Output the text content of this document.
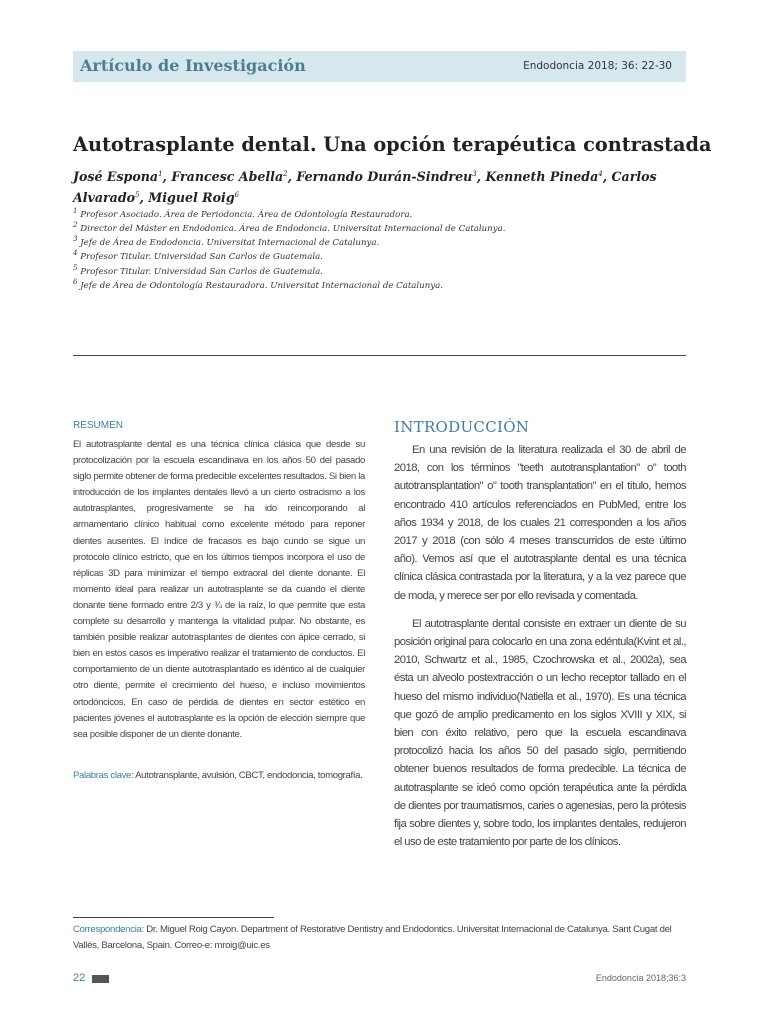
Artículo de Investigación	Endodoncia 2018; 36: 22-30
Autotrasplante dental. Una opción terapéutica contrastada
José Espona$^1$, Francesc Abella$^2$, Fernando Durán-Sindreu$^3$, Kenneth Pineda$^4$, Carlos Alvarado$^5$, Miguel Roig$^6$
$^1$ Profesor Asociado. Área de Periodoncia. Área de Odontología Restauradora.
$^2$ Director del Máster en Endodonica. Área de Endodoncia. Universitat Internacional de Catalunya.
$^3$ Jefe de Área de Endodoncia. Universitat Internacional de Catalunya.
$^4$ Profesor Titular. Universidad San Carlos de Guatemala.
$^5$ Profesor Titular. Universidad San Carlos de Guatemala.
$^6$ Jefe de Área de Odontología Restauradora. Universitat Internacional de Catalunya.
RESUMEN
El autotrasplante dental es una técnica clínica clásica que desde su protocolización por la escuela escandinava en los años 50 del pasado siglo permite obtener de forma predecible excelentes resultados. Si bien la introducción de los implantes dentales llevó a un cierto ostracismo a los autotrasplantes, progresivamente se ha ido reincorporando al armamentario clínico habitual como excelente método para reponer dientes ausentes. El índice de fracasos es bajo cundo se sigue un protocolo clínico estricto, que en los últimos tiempos incorpora el uso de réplicas 3D para minimizar el tiempo extraoral del diente donante. El momento ideal para realizar un autotrasplante se da cuando el diente donante tiene formado entre 2/3 y ¾ de la raíz, lo que permite que esta complete su desarrollo y mantenga la vitalidad pulpar. No obstante, es también posible realizar autotrasplantes de dientes con ápice cerrado, si bien en estos casos es imperativo realizar el tratamiento de conductos. El comportamiento de un diente autotrasplantado es idéntico al de cualquier otro diente, permite el crecimiento del hueso, e incluso movimientos ortodóncicos. En caso de pérdida de dientes en sector estético en pacientes jóvenes el autotrasplante es la opción de elección siempre que sea posible disponer de un diente donante.
Palabras clave: Autotransplante, avulsión, CBCT, endodoncia, tomografía.
INTRODUCCIÓN

En una revisión de la literatura realizada el 30 de abril de 2018, con los términos "teeth autotransplantation" o" tooth autotransplantation" o" tooth transplantation" en el título, hemos encontrado 410 artículos referenciados en PubMed, entre los años 1934 y 2018, de los cuales 21 corresponden a los años 2017 y 2018 (con sólo 4 meses transcurridos de este último año). Vemos así que el autotrasplante dental es una técnica clínica clásica contrastada por la literatura, y a la vez parece que de moda, y merece ser por ello revisada y comentada.

El autotrasplante dental consiste en extraer un diente de su posición original para colocarlo en una zona edéntula(Kvint et al., 2010, Schwartz et al., 1985, Czochrowska et al., 2002a), sea ésta un alveolo postextracción o un lecho receptor tallado en el hueso del mismo individuo(Natiella et al., 1970). Es una técnica que gozó de amplio predicamento en los siglos XVIII y XIX, si bien con éxito relativo, pero que la escuela escandinava protocolizó hacia los años 50 del pasado siglo, permitiendo obtener buenos resultados de forma predecible. La técnica de autotrasplante se ideó como opción terapéutica ante la pérdida de dientes por traumatismos, caries o agenesias, pero la prótesis fija sobre dientes y, sobre todo, los implantes dentales, redujeron el uso de este tratamiento por parte de los clínicos.

Correspondencia: Dr. Miguel Roig Cayon. Department of Restorative Dentistry and Endodontics. Universitat Internacional de Catalunya. Sant Cugat del Vallès, Barcelona, Spain. Correo-e: mroig@uic.es
22	Endodoncia 2018;36:3
